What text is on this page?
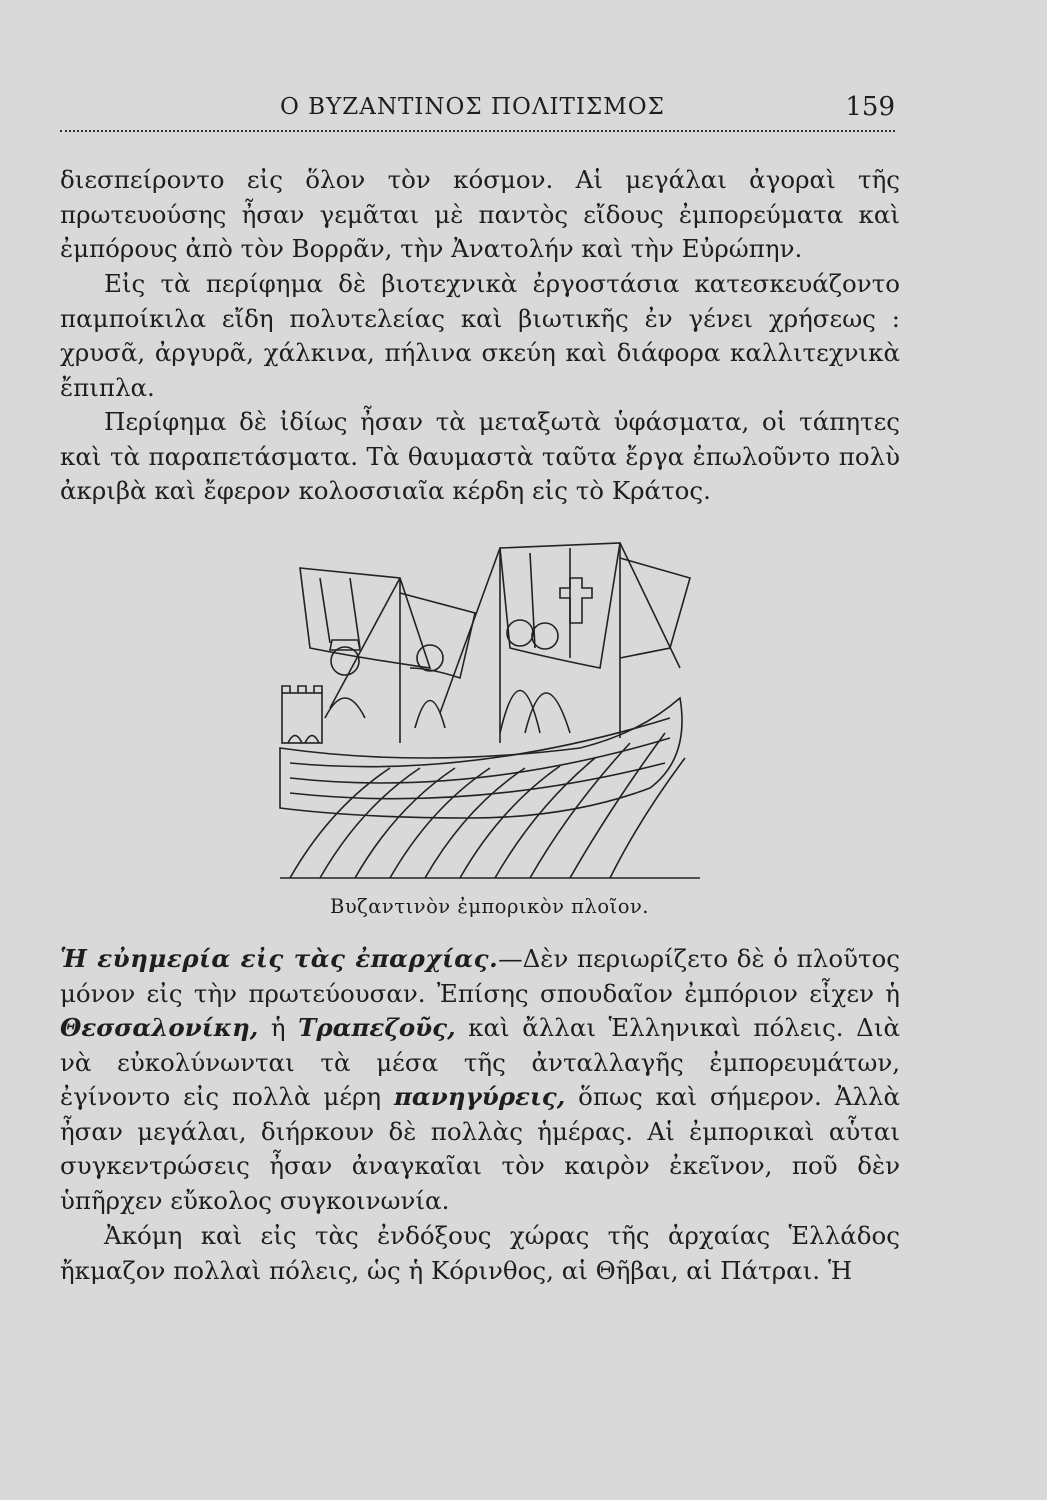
Ο ΒΥΖΑΝΤΙΝΟΣ ΠΟΛΙΤΙΣΜΟΣ	159

διεσπείροντο εἰς ὅλον τὸν κόσμον. Αἱ μεγάλαι ἀγοραὶ τῆς πρωτευούσης ἦσαν γεμᾶται μὲ παντὸς εἴδους ἐμπορεύματα καὶ ἐμπόρους ἀπὸ τὸν Βορρᾶν, τὴν Ἀνατολήν καὶ τὴν Εὐρώπην.

Εἰς τὰ περίφημα δὲ βιοτεχνικὰ ἐργοστάσια κατεσκευάζοντο παμποίκιλα εἴδη πολυτελείας καὶ βιωτικῆς ἐν γένει χρήσεως : χρυσᾶ, ἀργυρᾶ, χάλκινα, πήλινα σκεύη καὶ διάφορα καλλιτεχνικὰ ἔπιπλα.

Περίφημα δὲ ἰδίως ἦσαν τὰ μεταξωτὰ ὑφάσματα, οἱ τάπητες καὶ τὰ παραπετάσματα. Τὰ θαυμαστὰ ταῦτα ἔργα ἐπωλοῦντο πολὺ ἀκριβὰ καὶ ἔφερον κολοσσιαῖα κέρδη εἰς τὸ Κράτος.

Βυζαντινὸν ἐμπορικὸν πλοῖον.

Ἡ εὐημερία εἰς τὰς ἐπαρχίας.—Δὲν περιωρίζετο δὲ ὁ πλοῦτος μόνον εἰς τὴν πρωτεύουσαν. Ἐπίσης σπουδαῖον ἐμπόριον εἶχεν ἡ Θεσσαλονίκη, ἡ Τραπεζοῦς, καὶ ἄλλαι Ἑλληνικαὶ πόλεις. Διὰ νὰ εὐκολύνωνται τὰ μέσα τῆς ἀνταλλαγῆς ἐμπορευμάτων, ἐγίνοντο εἰς πολλὰ μέρη πανηγύρεις, ὅπως καὶ σήμερον. Ἀλλὰ ἦσαν μεγάλαι, διήρκουν δὲ πολλὰς ἡμέρας. Αἱ ἐμπορικαὶ αὗται συγκεντρώσεις ἦσαν ἀναγκαῖαι τὸν καιρὸν ἐκεῖνον, ποῦ δὲν ὑπῆρχεν εὔκολος συγκοινωνία.

Ἀκόμη καὶ εἰς τὰς ἐνδόξους χώρας τῆς ἀρχαίας Ἑλλάδος ἤκμαζον πολλαὶ πόλεις, ὡς ἡ Κόρινθος, αἱ Θῆβαι, αἱ Πάτραι. Ἡ
